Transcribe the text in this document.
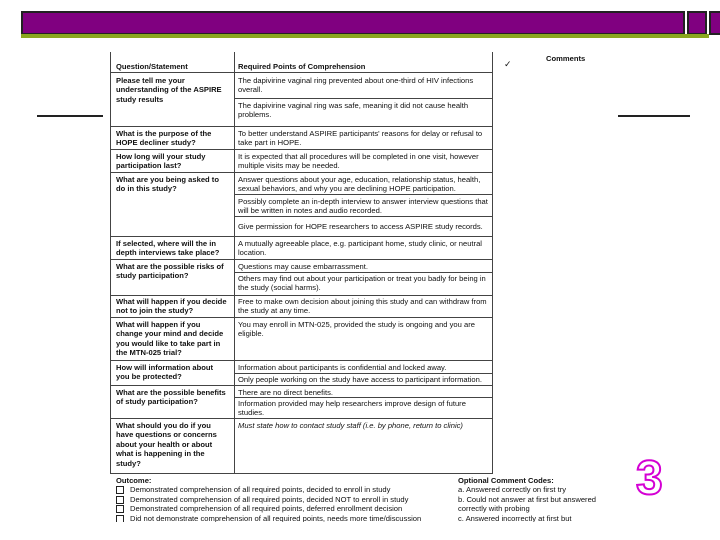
Question/Statement	Required Points of Comprehension	✓
Comments
Please tell me your understanding of the ASPIRE study results
The dapivirine vaginal ring prevented about one-third of HIV infections overall.
The dapivirine vaginal ring was safe, meaning it did not cause health problems.
What is the purpose of the HOPE decliner study?
To better understand ASPIRE participants' reasons for delay or refusal to take part in HOPE.
How long will your study participation last?
It is expected that all procedures will be completed in one visit, however multiple visits may be needed.
What are you being asked to do in this study?
Answer questions about your age, education, relationship status, health, sexual behaviors, and why you are declining HOPE participation.
Possibly complete an in-depth interview to answer interview questions that will be written in notes and audio recorded.
Give permission for HOPE researchers to access ASPIRE study records.
If selected, where will the in depth interviews take place?
A mutually agreeable place, e.g. participant home, study clinic, or neutral location.
What are the possible risks of study participation?
Questions may cause embarrassment.
Others may find out about your participation or treat you badly for being in the study (social harms).
What will happen if you decide not to join the study?
Free to make own decision about joining this study and can withdraw from the study at any time.
What will happen if you change your mind and decide you would like to take part in the MTN-025 trial?
You may enroll in MTN-025, provided the study is ongoing and you are eligible.
How will information about you be protected?
Information about participants is confidential and locked away.
Only people working on the study have access to participant information.
What are the possible benefits of study participation?
There are no direct benefits.
Information provided may help researchers improve design of future studies.
What should you do if you have questions or concerns about your health or about what is happening in the study?
Must state how to contact study staff (i.e. by phone, return to clinic)
Outcome:
Demonstrated comprehension of all required points, decided to enroll in study
Demonstrated comprehension of all required points, decided NOT to enroll in study
Demonstrated comprehension of all required points, deferred enrollment decision
Did not demonstrate comprehension of all required points, needs more time/discussion
Optional Comment Codes:
a. Answered correctly on first try
b. Could not answer at first but answered correctly with probing
c. Answered incorrectly at first but
3
